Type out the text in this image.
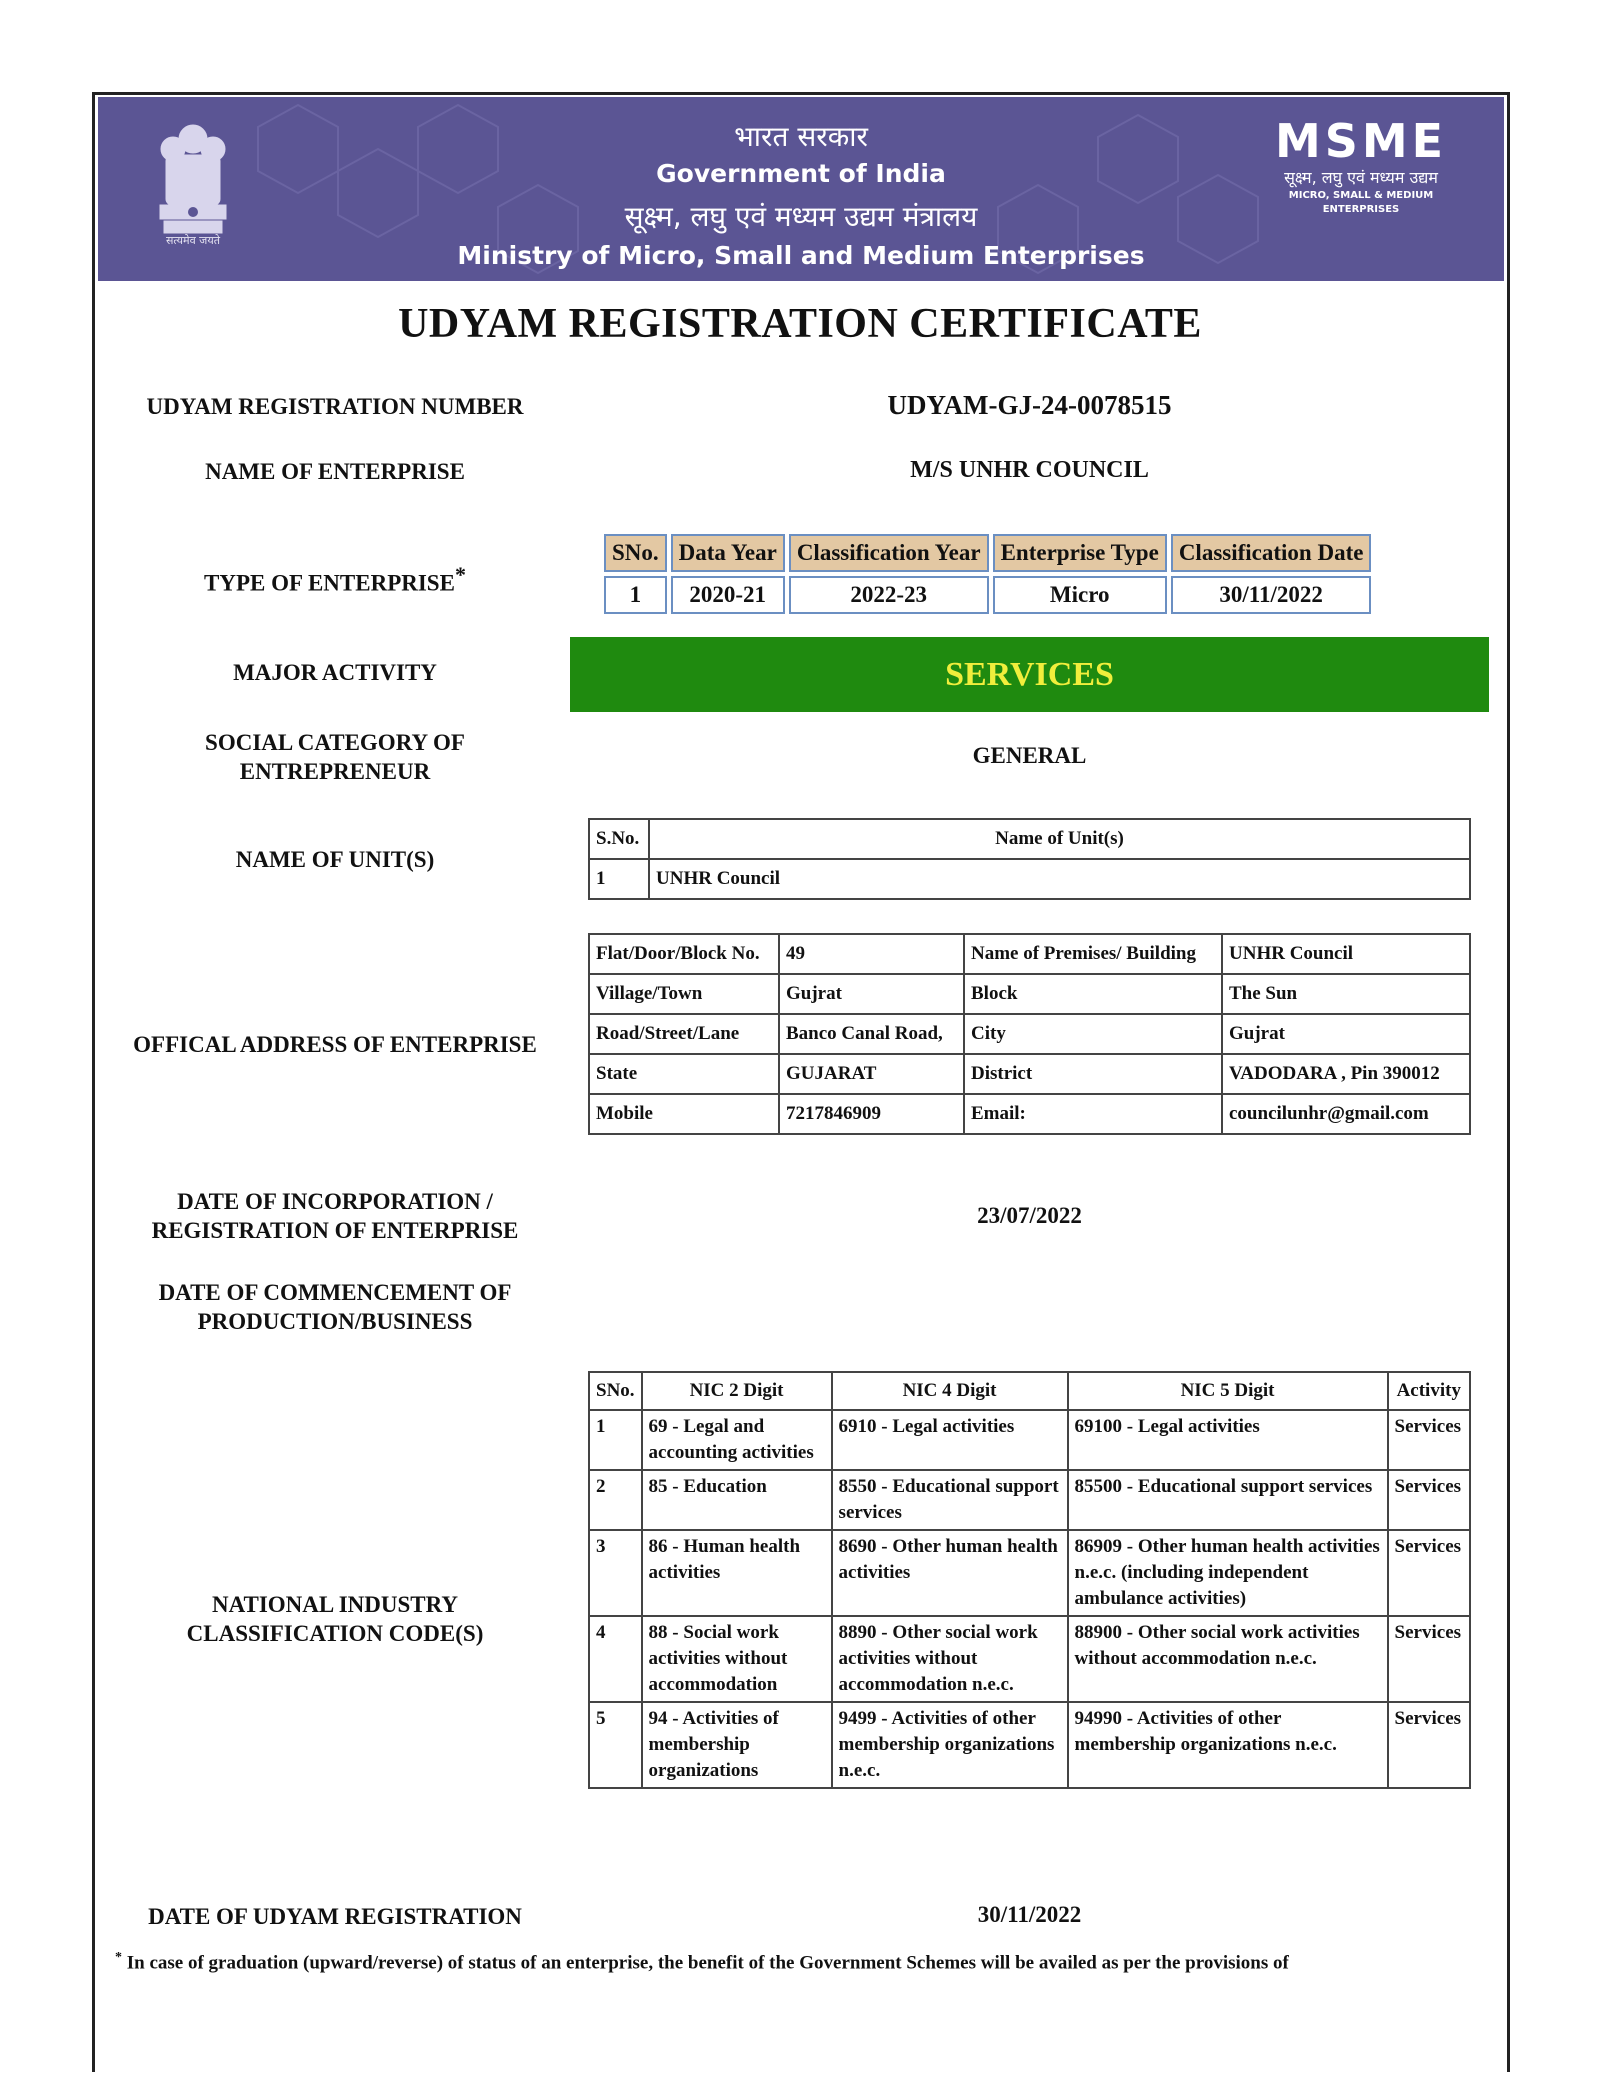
सत्यमेव जयते
भारत सरकार
Government of India
सूक्ष्म, लघु एवं मध्यम उद्यम मंत्रालय
Ministry of Micro, Small and Medium Enterprises
MSME
सूक्ष्म, लघु एवं मध्यम उद्यम
MICRO, SMALL & MEDIUM ENTERPRISES
UDYAM REGISTRATION CERTIFICATE
UDYAM REGISTRATION NUMBER	UDYAM-GJ-24-0078515
NAME OF ENTERPRISE	M/S UNHR COUNCIL
TYPE OF ENTERPRISE*
SNo.	Data Year	Classification Year	Enterprise Type	Classification Date
1	2020-21	2022-23	Micro	30/11/2022
MAJOR ACTIVITY	SERVICES
SOCIAL CATEGORY OF
ENTREPRENEUR
GENERAL
NAME OF UNIT(S)
S.No.	Name of Unit(s)
1	UNHR Council
OFFICAL ADDRESS OF ENTERPRISE
Flat/Door/Block No.	49	Name of Premises/ Building	UNHR Council
Village/Town	Gujrat	Block	The Sun
Road/Street/Lane	Banco Canal Road,	City	Gujrat
State	GUJARAT	District	VADODARA , Pin 390012
Mobile	7217846909	Email:	councilunhr@gmail.com
DATE OF INCORPORATION /
REGISTRATION OF ENTERPRISE
23/07/2022
DATE OF COMMENCEMENT OF
PRODUCTION/BUSINESS
NATIONAL INDUSTRY
CLASSIFICATION CODE(S)
SNo.	NIC 2 Digit	NIC 4 Digit	NIC 5 Digit	Activity
1	69 - Legal and accounting activities	6910 - Legal activities	69100 - Legal activities	Services
2	85 - Education	8550 - Educational support services	85500 - Educational support services	Services
3	86 - Human health activities	8690 - Other human health activities	86909 - Other human health activities n.e.c. (including independent ambulance activities)	Services
4	88 - Social work activities without accommodation	8890 - Other social work activities without accommodation n.e.c.	88900 - Other social work activities without accommodation n.e.c.	Services
5	94 - Activities of membership organizations	9499 - Activities of other membership organizations n.e.c.	94990 - Activities of other membership organizations n.e.c.	Services
DATE OF UDYAM REGISTRATION	30/11/2022
* In case of graduation (upward/reverse) of status of an enterprise, the benefit of the Government Schemes will be availed as per the provisions of
